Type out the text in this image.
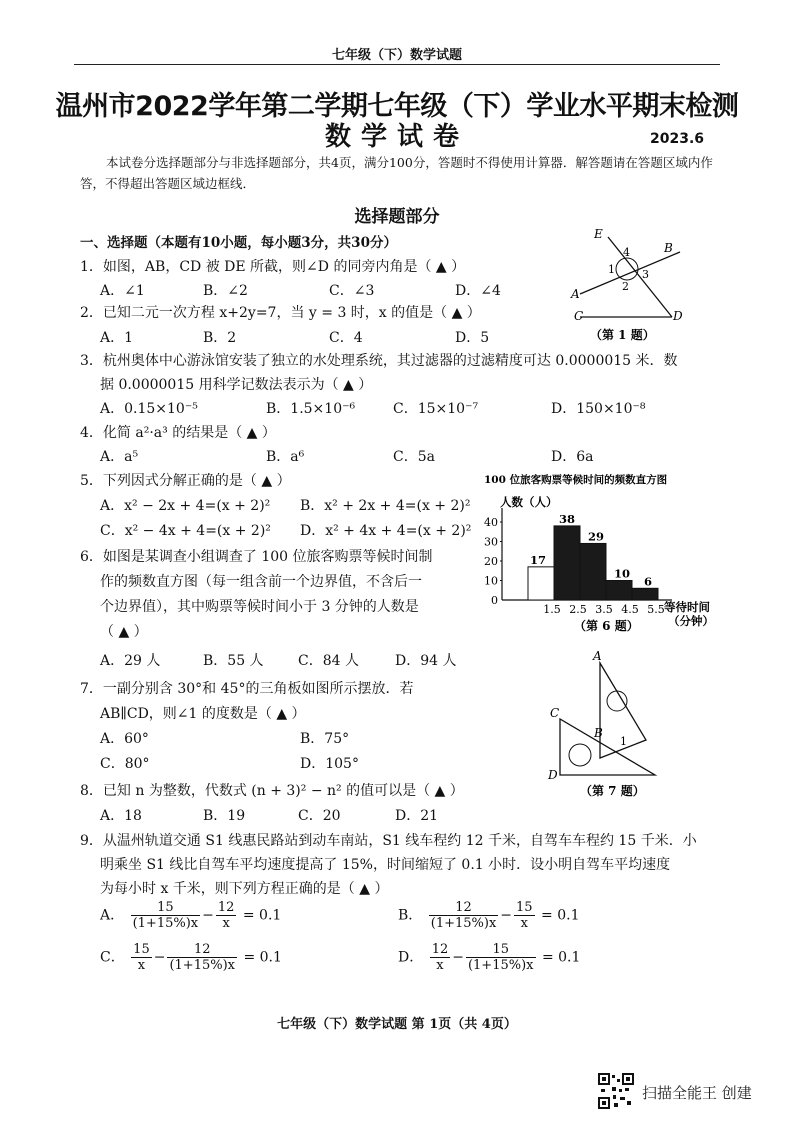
七年级（下）数学试题
温州市2022学年第二学期七年级（下）学业水平期末检测
数学试卷	2023.6
本试卷分选择题部分与非选择题部分，共4页，满分100分，答题时不得使用计算器．解答题请在答题区域内作答，不得超出答题区域边框线．
选择题部分
一、选择题（本题有10小题，每小题3分，共30分）
1．如图，AB，CD 被 DE 所截，则∠D 的同旁内角是（ ▲ ）
A．∠1	B．∠2	C．∠3	D．∠4
2．已知二元一次方程 x+2y=7，当 y = 3 时，x 的值是（ ▲ ）
A．1	B．2	C．4	D．5
E
B
4
1 3
2
A
C	D
（第 1 题）
3．杭州奥体中心游泳馆安装了独立的水处理系统，其过滤器的过滤精度可达 0.0000015 米．数
据 0.0000015 用科学记数法表示为（ ▲ ）
A．0.15×10⁻⁵	B．1.5×10⁻⁶	C．15×10⁻⁷	D．150×10⁻⁸
4．化简 a²·a³ 的结果是（ ▲ ）
A．a⁵	B．a⁶	C．5a	D．6a
5．下列因式分解正确的是（ ▲ ）
A．x² − 2x + 4=(x + 2)² B．x² + 2x + 4=(x + 2)²
C．x² − 4x + 4=(x + 2)² D．x² + 4x + 4=(x + 2)²
6．如图是某调查小组调查了 100 位旅客购票等候时间制
作的频数直方图（每一组含前一个边界值，不含后一
个边界值），其中购票等候时间小于 3 分钟的人数是
（ ▲ ）
A．29 人	B．55 人 C．84 人	D．94 人
100 位旅客购票等候时间的频数直方图
人数（人）
0
10
20
30
40
17
38
29
10
6
1.5 2.5 3.5 4.5 5.5 等待时间 （分钟）
（第 6 题）
7．一副分别含 30°和 45°的三角板如图所示摆放．若
AB∥CD，则∠1 的度数是（ ▲ ）
A．60°	B．75°
C．80°	D．105°
A
C
B
1
D
（第 7 题）
8．已知 n 为整数，代数式 (n + 3)² − n² 的值可以是（ ▲ ）
A．18	B．19	C．20	D．21
9．从温州轨道交通 S1 线惠民路站到动车南站，S1 线车程约 12 千米，自驾车车程约 15 千米．小
明乘坐 S1 线比自驾车平均速度提高了 15%，时间缩短了 0.1 小时．设小明自驾车平均速度
为每小时 x 千米，则下列方程正确的是（ ▲ ）
A． $\frac{15}{(1+15\%)x} - \frac{12}{x} = 0.1$	B． $\frac{12}{(1+15\%)x} - \frac{15}{x} = 0.1$
C． $\frac{15}{x} - \frac{12}{(1+15\%)x} = 0.1$	D． $\frac{12}{x} - \frac{15}{(1+15\%)x} = 0.1$
七年级（下）数学试题 第 1页（共 4页）
扫描全能王 创建
